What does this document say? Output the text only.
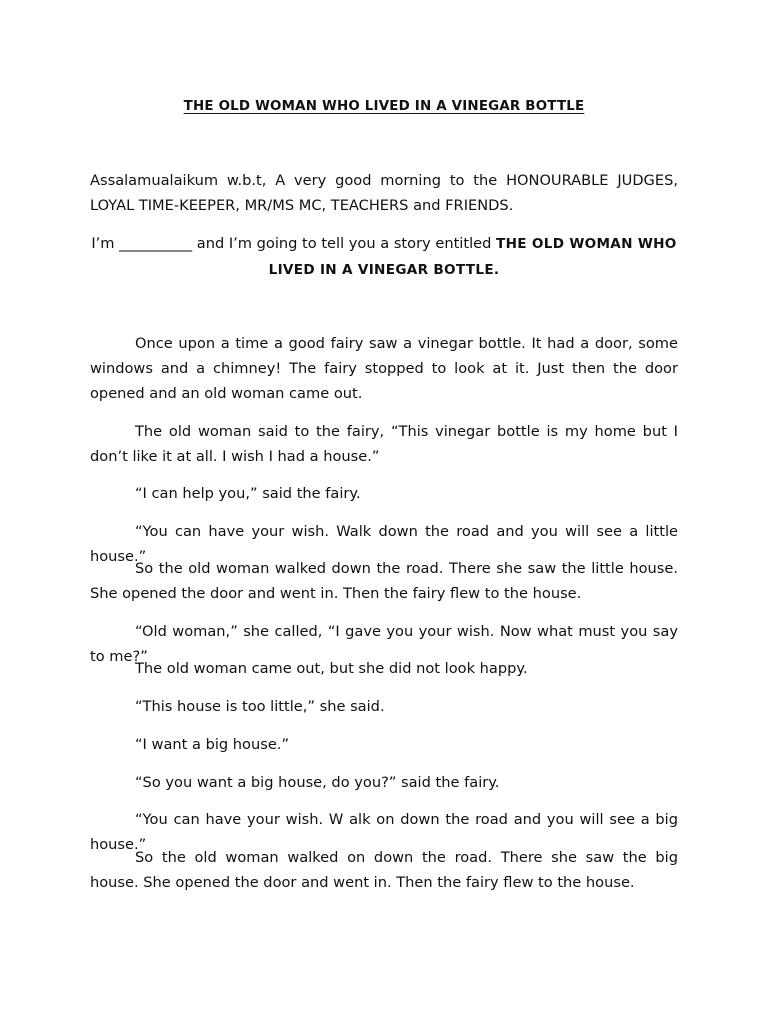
THE OLD WOMAN WHO LIVED IN A VINEGAR BOTTLE

Assalamualaikum w.b.t, A very good morning to the HONOURABLE JUDGES, LOYAL TIME-KEEPER, MR/MS MC, TEACHERS and FRIENDS.

I’m __________ and I’m going to tell you a story entitled THE OLD WOMAN WHO LIVED IN A VINEGAR BOTTLE.

Once upon a time a good fairy saw a vinegar bottle. It had a door, some windows and a chimney! The fairy stopped to look at it. Just then the door opened and an old woman came out.

The old woman said to the fairy, “This vinegar bottle is my home but I don’t like it at all. I wish I had a house.”

“I can help you,” said the fairy.

“You can have your wish. Walk down the road and you will see a little house.”

So the old woman walked down the road. There she saw the little house. She opened the door and went in. Then the fairy flew to the house.

“Old woman,” she called, “I gave you your wish. Now what must you say to me?”

The old woman came out, but she did not look happy.

“This house is too little,” she said.

“I want a big house.”

“So you want a big house, do you?” said the fairy.

“You can have your wish. W alk on down the road and you will see a big house.”

So the old woman walked on down the road. There she saw the big house. She opened the door and went in. Then the fairy flew to the house.
